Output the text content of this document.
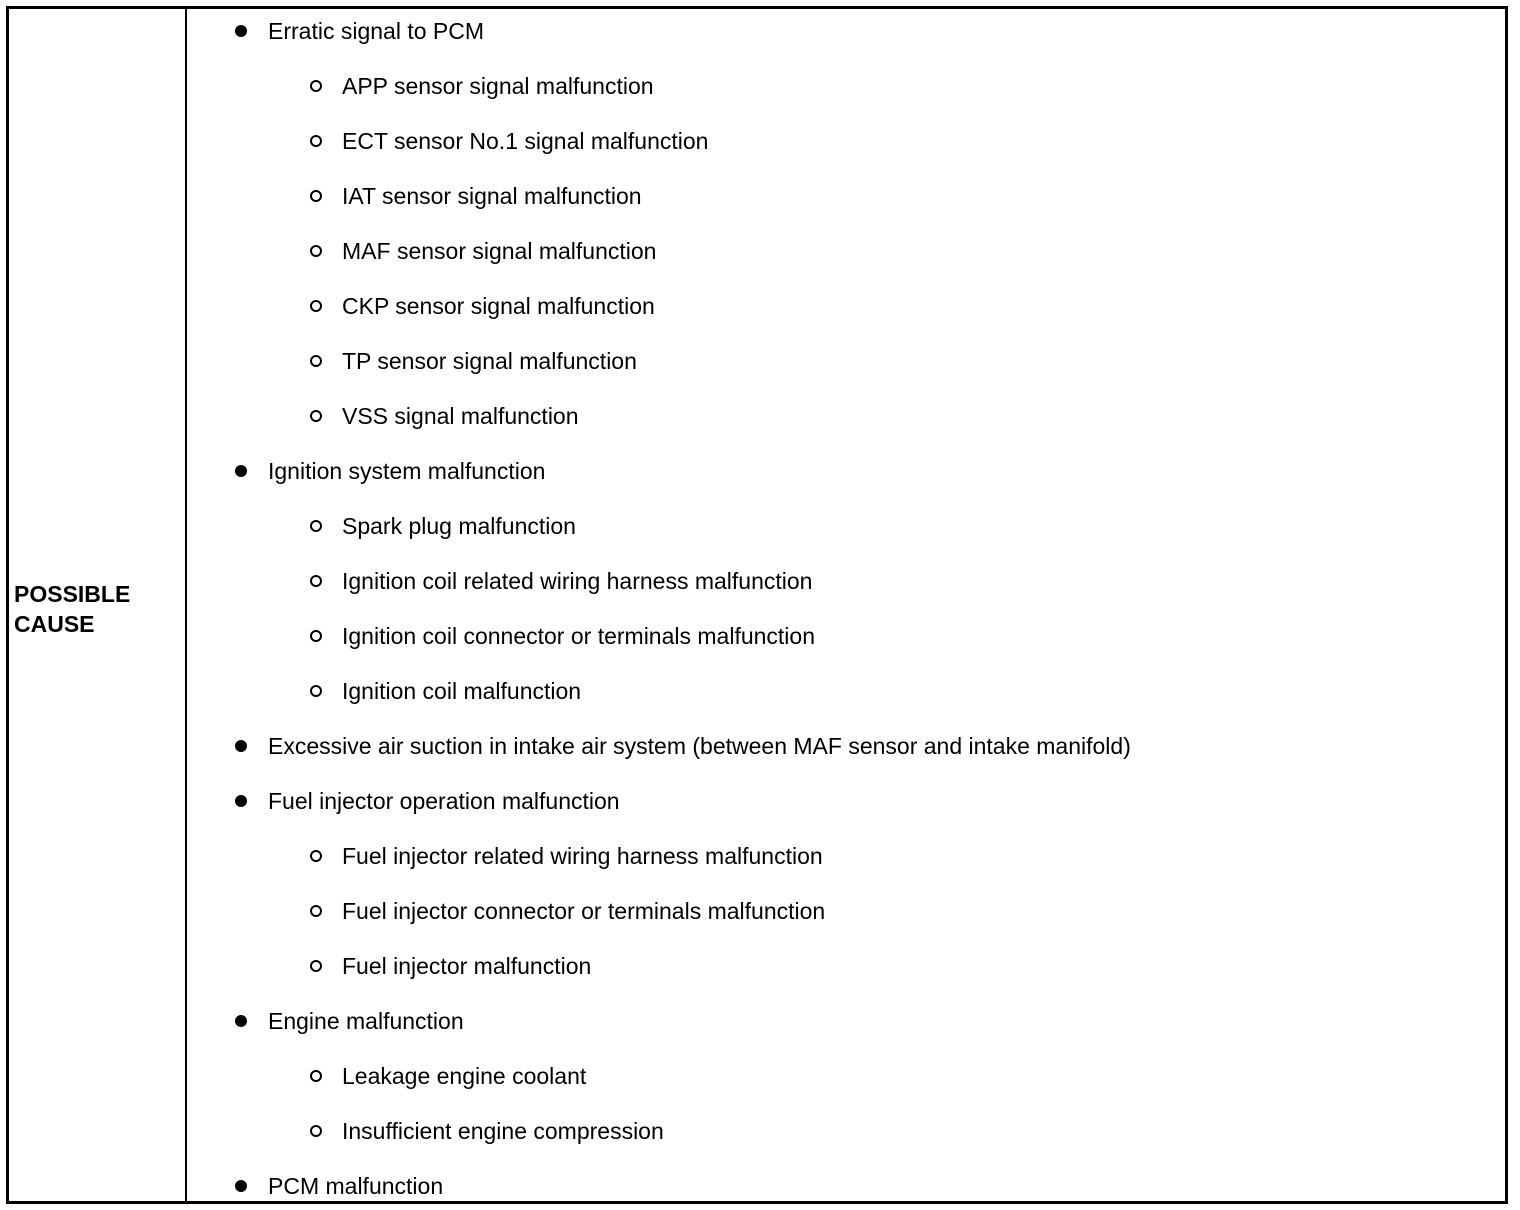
POSSIBLE
CAUSE

Erratic signal to PCM
APP sensor signal malfunction
ECT sensor No.1 signal malfunction
IAT sensor signal malfunction
MAF sensor signal malfunction
CKP sensor signal malfunction
TP sensor signal malfunction
VSS signal malfunction
Ignition system malfunction
Spark plug malfunction
Ignition coil related wiring harness malfunction
Ignition coil connector or terminals malfunction
Ignition coil malfunction
Excessive air suction in intake air system (between MAF sensor and intake manifold)
Fuel injector operation malfunction
Fuel injector related wiring harness malfunction
Fuel injector connector or terminals malfunction
Fuel injector malfunction
Engine malfunction
Leakage engine coolant
Insufficient engine compression
PCM malfunction
